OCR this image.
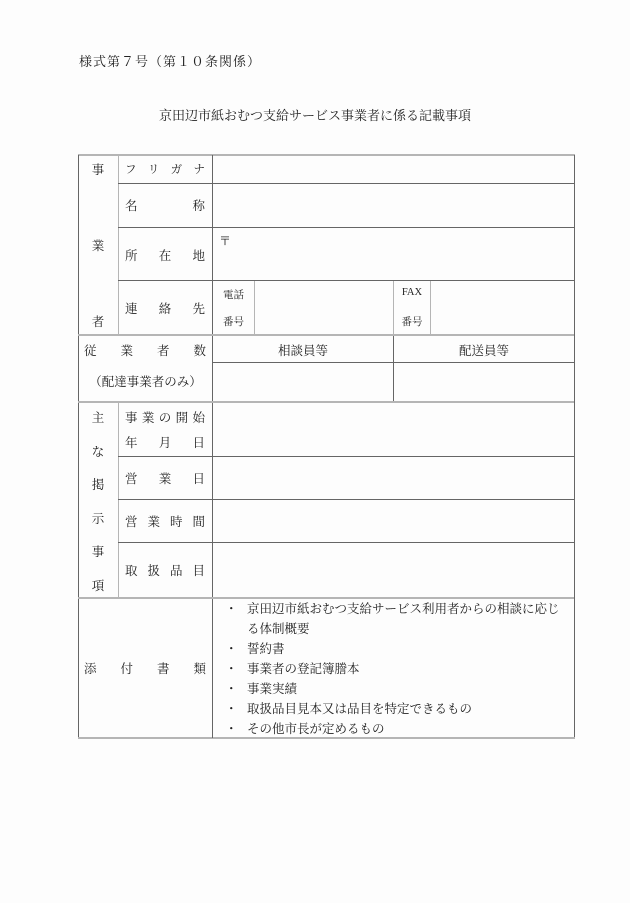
様式第７号（第１０条関係）
京田辺市紙おむつ支給サービス事業者に係る記載事項
事
業
者
フ リ ガ ナ
名	称
所 在 地
〒
連 絡 先
電話
番号
FAX
番号
従 業 者 数
（配達事業者のみ）
相談員等	配送員等
主
な
掲
示
事
項
事 業 の 開 始
年 月 日
営 業 日
営 業 時 間
取 扱 品 目
添 付 書 類
・ 京田辺市紙おむつ支給サービス利用者からの相談に応じる体制概要
・ 誓約書
・ 事業者の登記簿謄本
・ 事業実績
・ 取扱品目見本又は品目を特定できるもの
・ その他市長が定めるもの
